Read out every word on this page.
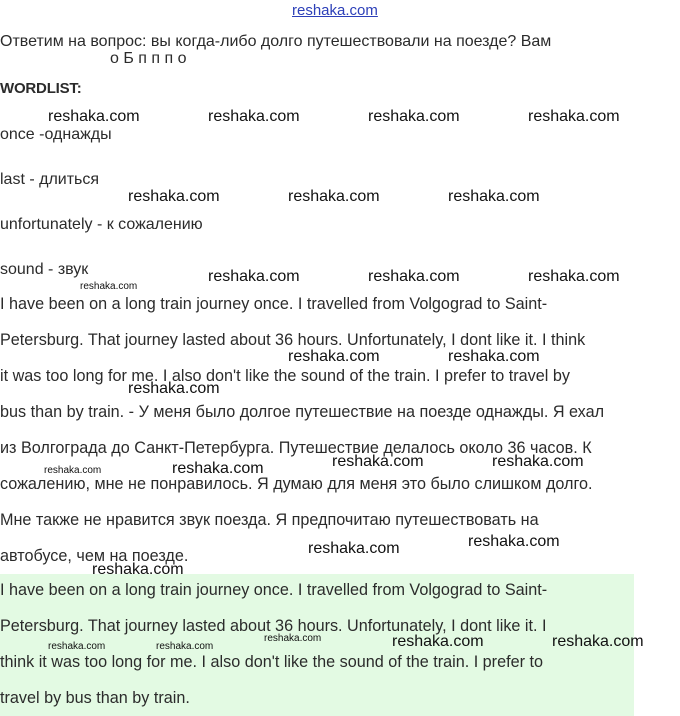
reshaka.com
Ответим на вопрос: вы когда-либо долго путешествовали на поезде? Вам
о Б п п п о
WORDLIST:
once -однажды
last - длиться
unfortunately - к сожалению
sound - звук
I have been on a long train journey once. I travelled from Volgograd to Saint-
Petersburg. That journey lasted about 36 hours. Unfortunately, I dont like it. I think
it was too long for me. I also don't like the sound of the train. I prefer to travel by
bus than by train. - У меня было долгое путешествие на поезде однажды. Я ехал
из Волгограда до Санкт-Петербурга. Путешествие делалось около 36 часов. К
сожалению, мне не понравилось. Я думаю для меня это было слишком долго.
Мне также не нравится звук поезда. Я предпочитаю путешествовать на
автобусе, чем на поезде.
I have been on a long train journey once. I travelled from Volgograd to Saint-
Petersburg. That journey lasted about 36 hours. Unfortunately, I dont like it. I
think it was too long for me. I also don't like the sound of the train. I prefer to
travel by bus than by train.
reshaka.com	reshaka.com	reshaka.com	reshaka.com
reshaka.com	reshaka.com	reshaka.com
reshaka.com
reshaka.com	reshaka.com	reshaka.com
reshaka.com	reshaka.com
reshaka.com
reshaka.com	reshaka.com	reshaka.com	reshaka.com
reshaka.com	reshaka.com
reshaka.com
reshaka.com
reshaka.com	reshaka.com	reshaka.com	reshaka.com
